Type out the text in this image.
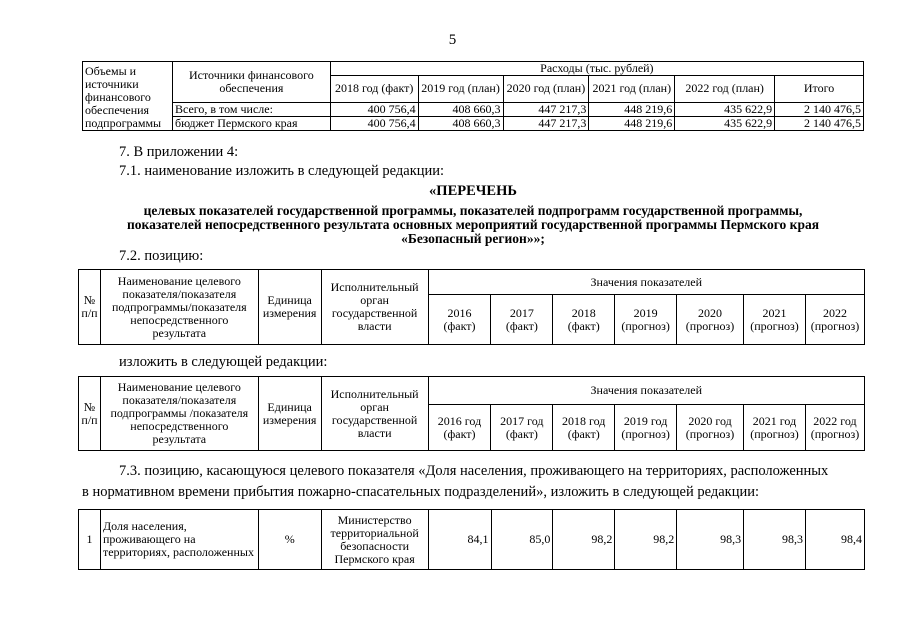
5
Объемы и источники финансового обеспечения подпрограммы	Источники финансового обеспечения	Расходы (тыс. рублей)					
		2018 год (факт)	2019 год (план)	2020 год (план)	2021 год (план)	2022 год (план)	Итого
	Всего, в том числе:	400 756,4	408 660,3	447 217,3	448 219,6	435 622,9	2 140 476,5
	бюджет Пермского края	400 756,4	408 660,3	447 217,3	448 219,6	435 622,9	2 140 476,5
7. В приложении 4:
7.1. наименование изложить в следующей редакции:
«ПЕРЕЧЕНЬ
целевых показателей государственной программы, показателей подпрограмм государственной программы,
показателей непосредственного результата основных мероприятий государственной программы Пермского края
«Безопасный регион»»;
7.2. позицию:
№ п/п	Наименование целевого показателя/показателя подпрограммы/показателя непосредственного результата	Единица измерения	Исполнительный орган государственной власти	Значения показателей						
				2016 (факт)	2017 (факт)	2018 (факт)	2019 (прогноз)	2020 (прогноз)	2021 (прогноз)	2022 (прогноз)
изложить в следующей редакции:
№ п/п	Наименование целевого показателя/показателя подпрограммы /показателя непосредственного результата	Единица измерения	Исполнительный орган государственной власти	Значения показателей						
				2016 год (факт)	2017 год (факт)	2018 год (факт)	2019 год (прогноз)	2020 год (прогноз)	2021 год (прогноз)	2022 год (прогноз)
7.3. позицию, касающуюся целевого показателя «Доля населения, проживающего на территориях, расположенных
в нормативном времени прибытия пожарно-спасательных подразделений», изложить в следующей редакции:
1	Доля населения, проживающего на территориях, расположенных	%	Министерство территориальной безопасности Пермского края	84,1	85,0	98,2	98,2	98,3	98,3	98,4
